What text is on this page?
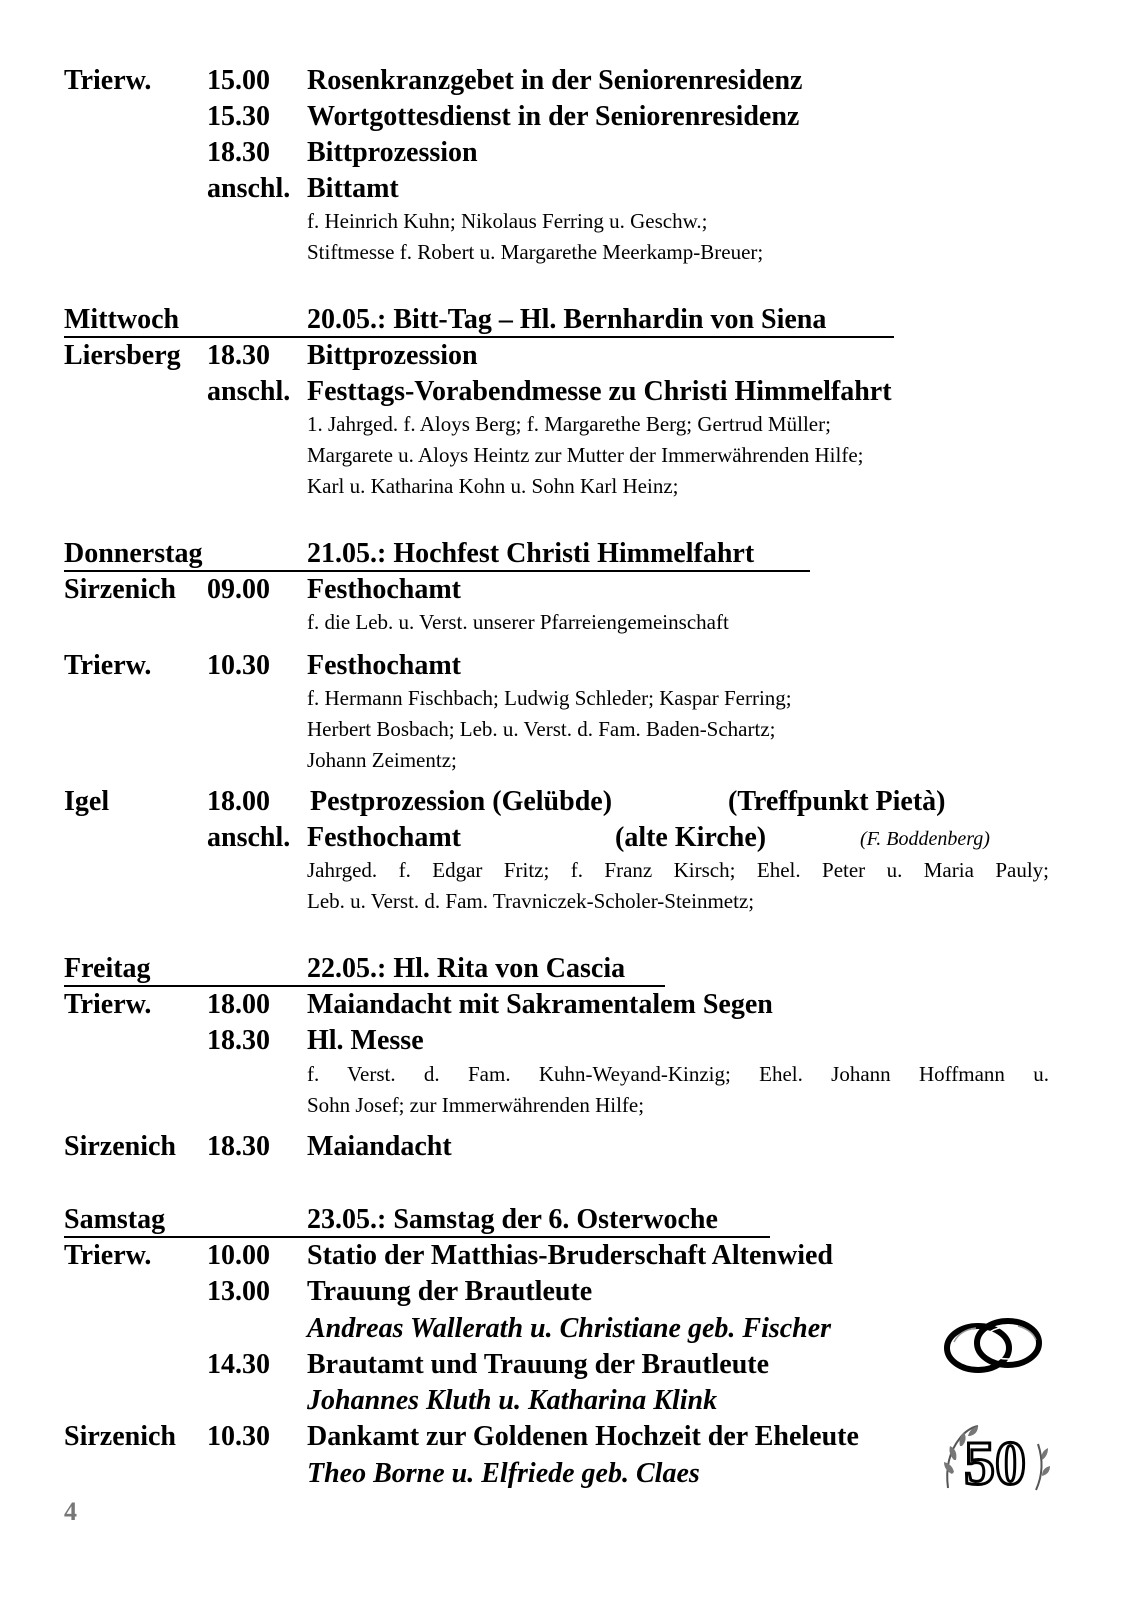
Trierw. 15.00 Rosenkranzgebet in der Seniorenresidenz
15.30 Wortgottesdienst in der Seniorenresidenz
18.30 Bittprozession
anschl. Bittamt
f. Heinrich Kuhn; Nikolaus Ferring u. Geschw.;
Stiftmesse f. Robert u. Margarethe Meerkamp-Breuer;
Mittwoch	20.05.: Bitt-Tag – Hl. Bernhardin von Siena
Liersberg 18.30 Bittprozession
anschl. Festtags-Vorabendmesse zu Christi Himmelfahrt
1. Jahrged. f. Aloys Berg; f. Margarethe Berg; Gertrud Müller;
Margarete u. Aloys Heintz zur Mutter der Immerwährenden Hilfe;
Karl u. Katharina Kohn u. Sohn Karl Heinz;
Donnerstag	21.05.: Hochfest Christi Himmelfahrt
Sirzenich 09.00 Festhochamt
f. die Leb. u. Verst. unserer Pfarreiengemeinschaft
Trierw. 10.30 Festhochamt
f. Hermann Fischbach; Ludwig Schleder; Kaspar Ferring;
Herbert Bosbach; Leb. u. Verst. d. Fam. Baden-Schartz;
Johann Zeimentz;
Igel	18.00 Pestprozession (Gelübde)	(Treffpunkt Pietà)
anschl. Festhochamt	(alte Kirche)	(F. Boddenberg)
Jahrged. f. Edgar Fritz; f. Franz Kirsch; Ehel. Peter u. Maria Pauly;
Leb. u. Verst. d. Fam. Travniczek-Scholer-Steinmetz;
Freitag	22.05.: Hl. Rita von Cascia
Trierw. 18.00 Maiandacht mit Sakramentalem Segen
18.30 Hl. Messe
f. Verst. d. Fam. Kuhn-Weyand-Kinzig; Ehel. Johann Hoffmann u.
Sohn Josef; zur Immerwährenden Hilfe;
Sirzenich 18.30 Maiandacht
Samstag	23.05.: Samstag der 6. Osterwoche
Trierw. 10.00 Statio der Matthias-Bruderschaft Altenwied
13.00 Trauung der Brautleute
Andreas Wallerath u. Christiane geb. Fischer
14.30 Brautamt und Trauung der Brautleute
Johannes Kluth u. Katharina Klink
Sirzenich 10.30 Dankamt zur Goldenen Hochzeit der Eheleute
Theo Borne u. Elfriede geb. Claes	50
4
